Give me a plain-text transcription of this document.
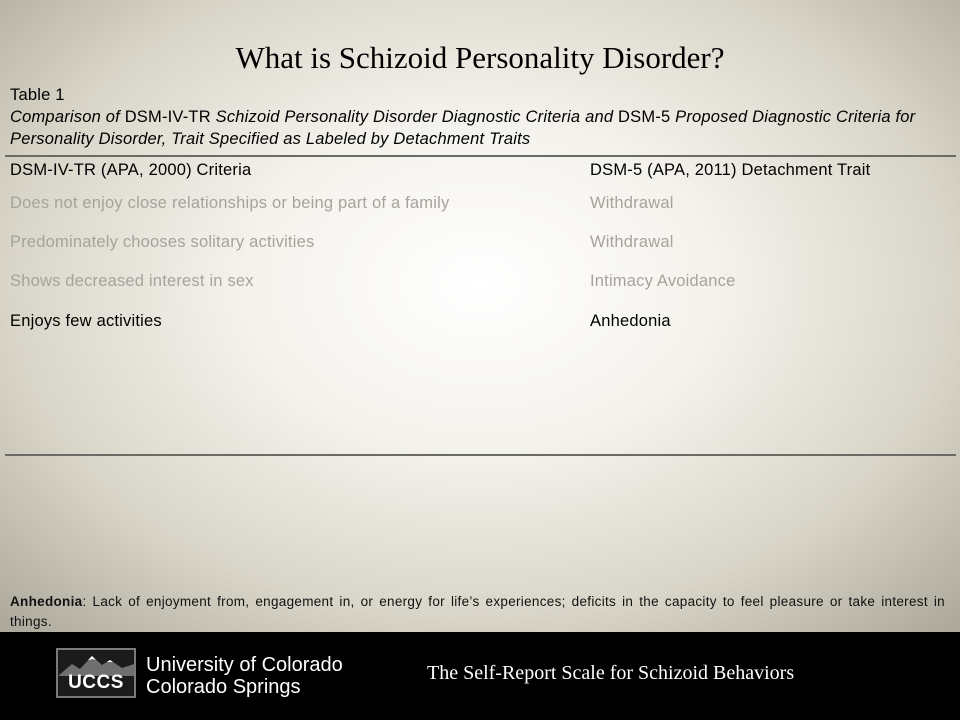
What is Schizoid Personality Disorder?
Table 1
Comparison of DSM-IV-TR Schizoid Personality Disorder Diagnostic Criteria and DSM-5 Proposed Diagnostic Criteria for Personality Disorder, Trait Specified as Labeled by Detachment Traits
DSM-IV-TR (APA, 2000) Criteria	DSM-5 (APA, 2011) Detachment Trait
Does not enjoy close relationships or being part of a family	Withdrawal
Predominately chooses solitary activities	Withdrawal
Shows decreased interest in sex	Intimacy Avoidance
Enjoys few activities	Anhedonia
Anhedonia: Lack of enjoyment from, engagement in, or energy for life’s experiences; deficits in the capacity to feel pleasure or take interest in things.
UCCS
University of Colorado
Colorado Springs
The Self-Report Scale for Schizoid Behaviors
